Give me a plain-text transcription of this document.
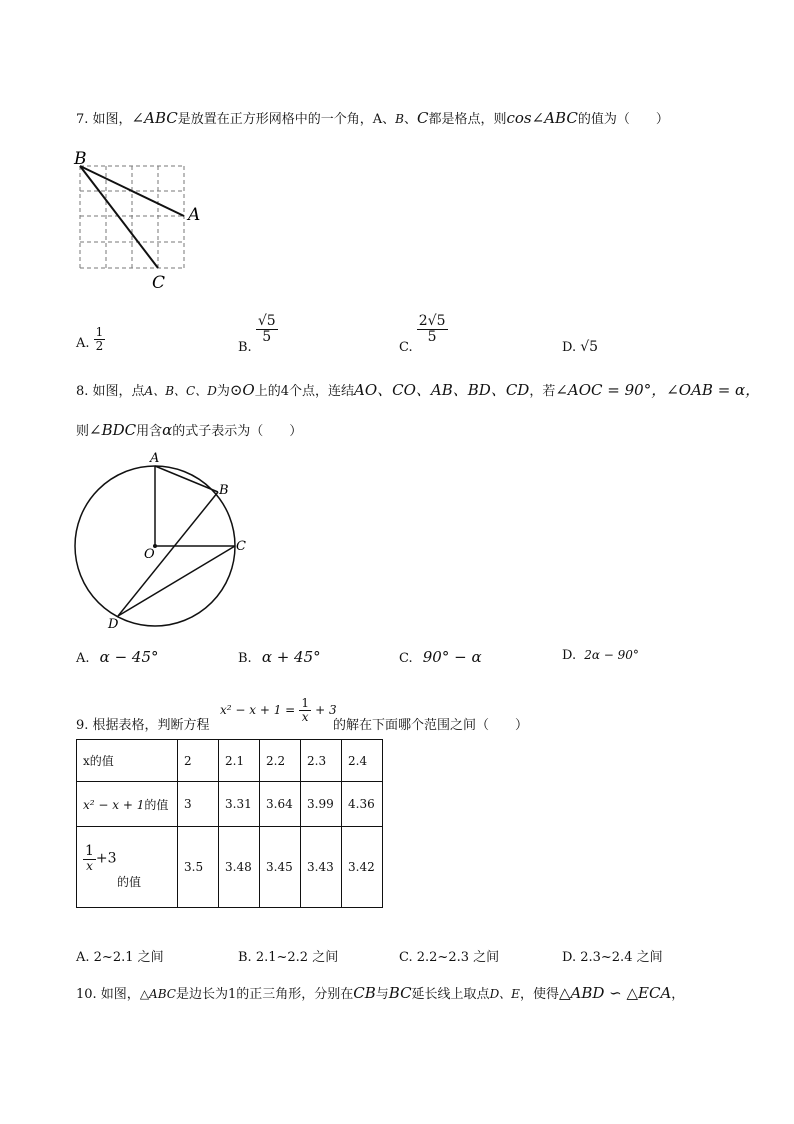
7. 如图，∠ABC是放置在正方形网格中的一个角，A、B、C都是格点，则cos∠ABC的值为（　　）
B
A
C
A. $\frac{1}{2}$	B.
$\frac{√5}{5}$
C.
$\frac{2√5}{5}$
D. √5
8. 如图，点A、B、C、D为⊙O上的4个点，连结AO、CO、AB、BD、CD，若∠AOC = 90°，∠OAB = α，
则∠BDC用含α的式子表示为（　　）
A
B
C
O
D
A. α − 45°	B. α + 45°	C. 90° − α	D. 2α − 90°
9. 根据表格，判断方程
$x^2 - x + 1 = \frac{1}{x} + 3$
的解在下面哪个范围之间（　　）
x的值	2	2.1	2.2	2.3	2.4
x² − x + 1的值	3	3.31	3.64	3.99	4.36

$\frac{1}{x} +3$
的值	3.5	3.48	3.45	3.43	3.42
A. 2~2.1 之间	B. 2.1~2.2 之间	C. 2.2~2.3 之间	D. 2.3~2.4 之间
10. 如图，△ABC是边长为1的正三角形，分别在CB与BC延长线上取点D、E，使得△ABD ∽ △ECA，
